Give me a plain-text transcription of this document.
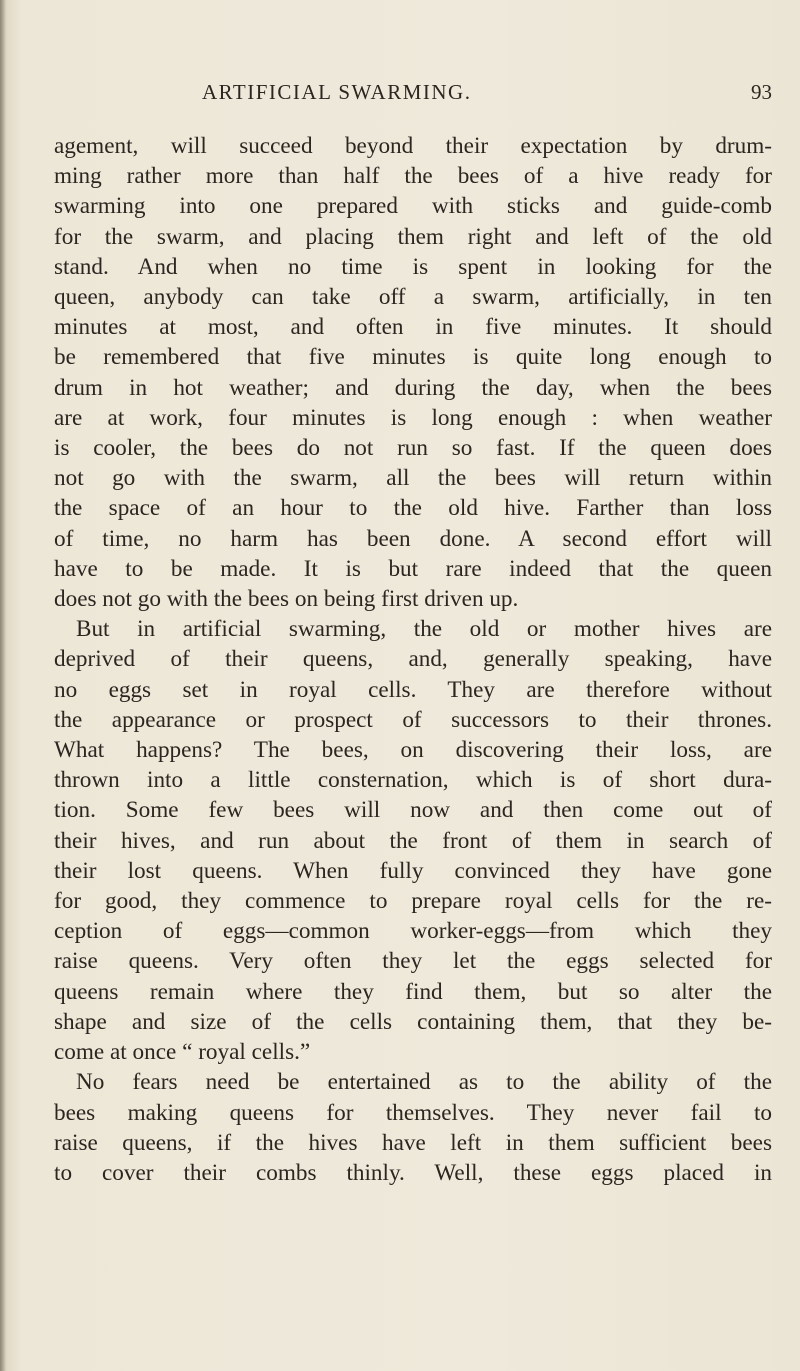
ARTIFICIAL SWARMING.	93
agement, will succeed beyond their expectation by drum-
ming rather more than half the bees of a hive ready for
swarming into one prepared with sticks and guide-comb
for the swarm, and placing them right and left of the old
stand. And when no time is spent in looking for the
queen, anybody can take off a swarm, artificially, in ten
minutes at most, and often in five minutes. It should
be remembered that five minutes is quite long enough to
drum in hot weather; and during the day, when the bees
are at work, four minutes is long enough : when weather
is cooler, the bees do not run so fast. If the queen does
not go with the swarm, all the bees will return within
the space of an hour to the old hive. Farther than loss
of time, no harm has been done. A second effort will
have to be made. It is but rare indeed that the queen
does not go with the bees on being first driven up.
But in artificial swarming, the old or mother hives are
deprived of their queens, and, generally speaking, have
no eggs set in royal cells. They are therefore without
the appearance or prospect of successors to their thrones.
What happens? The bees, on discovering their loss, are
thrown into a little consternation, which is of short dura-
tion. Some few bees will now and then come out of
their hives, and run about the front of them in search of
their lost queens. When fully convinced they have gone
for good, they commence to prepare royal cells for the re-
ception of eggs—common worker-eggs—from which they
raise queens. Very often they let the eggs selected for
queens remain where they find them, but so alter the
shape and size of the cells containing them, that they be-
come at once “ royal cells.”
No fears need be entertained as to the ability of the
bees making queens for themselves. They never fail to
raise queens, if the hives have left in them sufficient bees
to cover their combs thinly. Well, these eggs placed in
